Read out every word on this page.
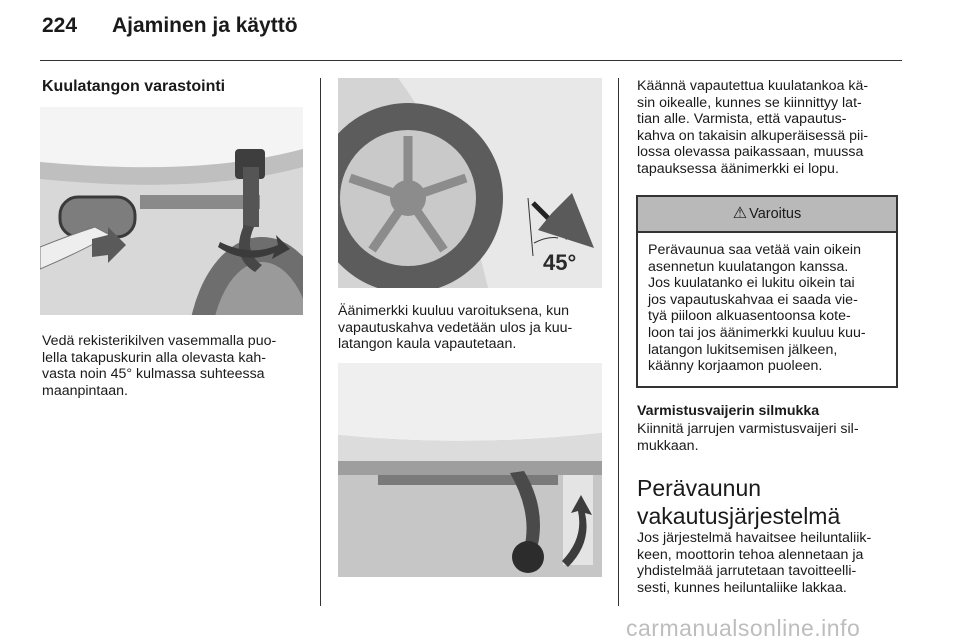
224 Ajaminen ja käyttö
Kuulatangon varastointi

Vedä rekisterikilven vasemmalla puo-
lella takapuskurin alla olevasta kah-
vasta noin 45° kulmassa suhteessa
maanpintaan.

45°

Äänimerkki kuuluu varoituksena, kun
vapautuskahva vedetään ulos ja kuu-
latangon kaula vapautetaan.

Käännä vapautettua kuulatankoa kä-
sin oikealle, kunnes se kiinnittyy lat-
tian alle. Varmista, että vapautus-
kahva on takaisin alkuperäisessä pii-
lossa olevassa paikassaan, muussa
tapauksessa äänimerkki ei lopu.

⚠ Varoitus
Perävaunua saa vetää vain oikein
asennetun kuulatangon kanssa.
Jos kuulatanko ei lukitu oikein tai
jos vapautuskahvaa ei saada vie-
tyä piiloon alkuasentoonsa kote-
loon tai jos äänimerkki kuuluu kuu-
latangon lukitsemisen jälkeen,
käänny korjaamon puoleen.
Varmistusvaijerin silmukka

Kiinnitä jarrujen varmistusvaijeri sil-
mukkaan.

Perävaunun
vakautusjärjestelmä

Jos järjestelmä havaitsee heiluntaliik-
keen, moottorin tehoa alennetaan ja
yhdistelmää jarrutetaan tavoitteelli-
sesti, kunnes heiluntaliike lakkaa.

carmanualsonline.info
